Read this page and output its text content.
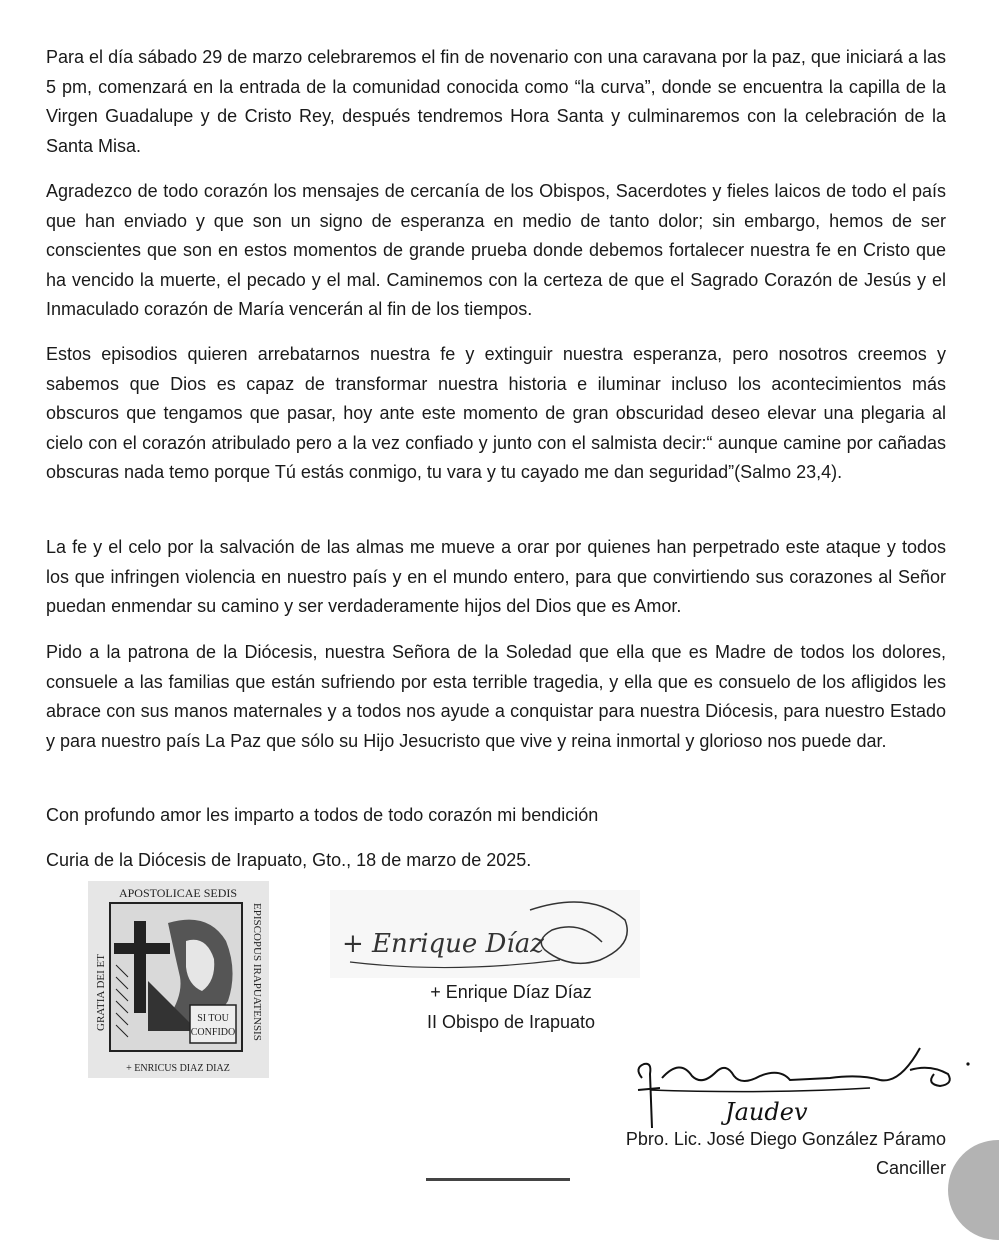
Para el día sábado 29 de marzo celebraremos el fin de novenario con una caravana por la paz, que iniciará a las 5 pm, comenzará en la entrada de la comunidad conocida como “la curva”, donde se encuentra la capilla de la Virgen Guadalupe y de Cristo Rey, después tendremos Hora Santa y culminaremos con la celebración de la Santa Misa.

Agradezco de todo corazón los mensajes de cercanía de los Obispos, Sacerdotes y fieles laicos de todo el país que han enviado y que son un signo de esperanza en medio de tanto dolor; sin embargo, hemos de ser conscientes que son en estos momentos de grande prueba donde debemos fortalecer nuestra fe en Cristo que ha vencido la muerte, el pecado y el mal. Caminemos con la certeza de que el Sagrado Corazón de Jesús y el Inmaculado corazón de María vencerán al fin de los tiempos.

Estos episodios quieren arrebatarnos nuestra fe y extinguir nuestra esperanza, pero nosotros creemos y sabemos que Dios es capaz de transformar nuestra historia e iluminar incluso los acontecimientos más obscuros que tengamos que pasar, hoy ante este momento de gran obscuridad deseo elevar una plegaria al cielo con el corazón atribulado pero a la vez confiado y junto con el salmista decir:“ aunque camine por cañadas obscuras nada temo porque Tú estás conmigo, tu vara y tu cayado me dan seguridad”(Salmo 23,4).

La fe y el celo por la salvación de las almas me mueve a orar por quienes han perpetrado este ataque y todos los que infringen violencia en nuestro país y en el mundo entero, para que convirtiendo sus corazones al Señor puedan enmendar su camino y ser verdaderamente hijos del Dios que es Amor.

Pido a la patrona de la Diócesis, nuestra Señora de la Soledad que ella que es Madre de todos los dolores, consuele a las familias que están sufriendo por esta terrible tragedia, y ella que es consuelo de los afligidos les abrace con sus manos maternales y a todos nos ayude a conquistar para nuestra Diócesis, para nuestro Estado y para nuestro país La Paz que sólo su Hijo Jesucristo que vive y reina inmortal y glorioso nos puede dar.

Con profundo amor les imparto a todos de todo corazón mi bendición

Curia de la Diócesis de Irapuato, Gto., 18 de marzo de 2025.

APOSTOLICAE SEDIS
+ ENRICUS DIAZ DIAZ
GRATIA DEI ET	EPISCOPUS IRAPUATENSIS
SI TOU
CONFIDO
+ Enrique Díaz

+ Enrique Díaz Díaz

II Obispo de Irapuato

Jaudev

Pbro. Lic. José Diego González Páramo

Canciller
